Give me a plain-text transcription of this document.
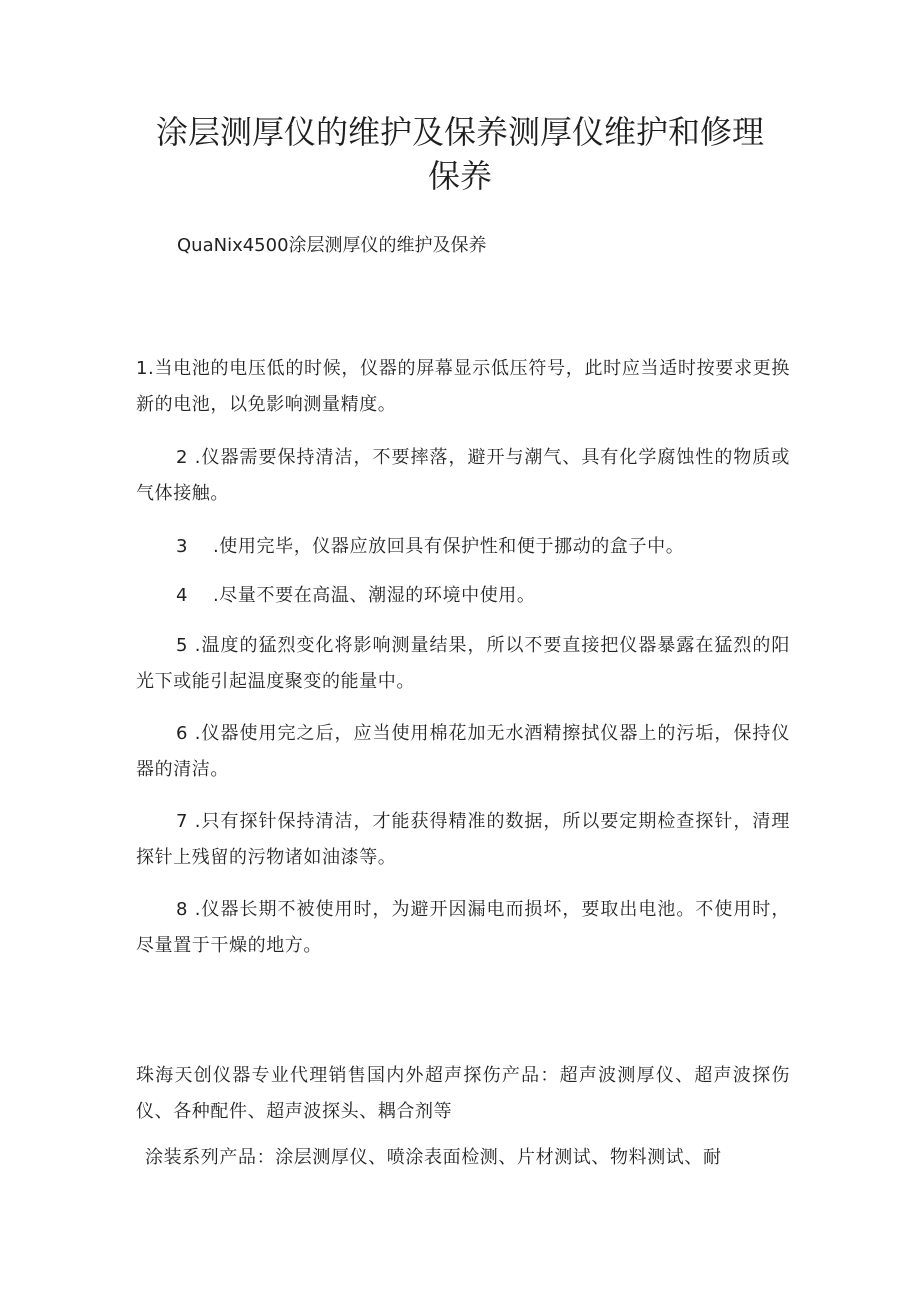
涂层测厚仪的维护及保养测厚仪维护和修理
保养

QuaNix4500涂层测厚仪的维护及保养

1.当电池的电压低的时候，仪器的屏幕显示低压符号，此时应当适时按要求更换新的电池，以免影响测量精度。

2 .仪器需要保持清洁，不要摔落，避开与潮气、具有化学腐蚀性的物质或气体接触。

3　 .使用完毕，仪器应放回具有保护性和便于挪动的盒子中。

4　 .尽量不要在高温、潮湿的环境中使用。

5 .温度的猛烈变化将影响测量结果，所以不要直接把仪器暴露在猛烈的阳光下或能引起温度聚变的能量中。

6 .仪器使用完之后，应当使用棉花加无水酒精擦拭仪器上的污垢，保持仪器的清洁。

7 .只有探针保持清洁，才能获得精准的数据，所以要定期检查探针，清理探针上残留的污物诸如油漆等。

8 .仪器长期不被使用时，为避开因漏电而损坏，要取出电池。不使用时，尽量置于干燥的地方。

珠海天创仪器专业代理销售国内外超声探伤产品：超声波测厚仪、超声波探伤仪、各种配件、超声波探头、耦合剂等

涂装系列产品：涂层测厚仪、喷涂表面检测、片材测试、物料测试、耐
